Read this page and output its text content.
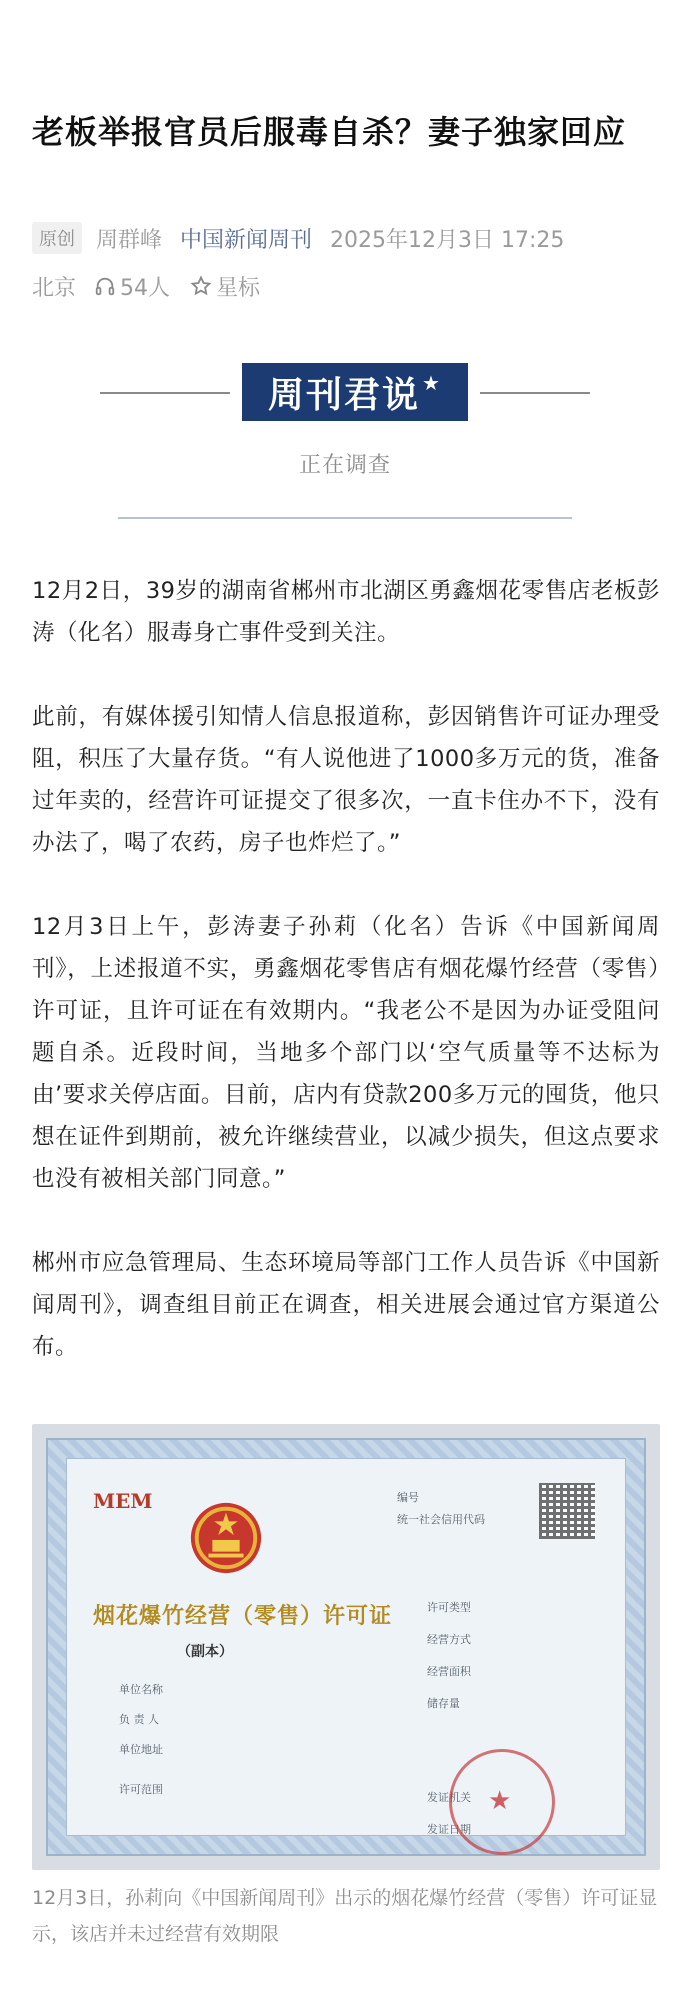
老板举报官员后服毒自杀？妻子独家回应
原创 周群峰 中国新闻周刊 2025年12月3日 17:25
北京 54人 星标
周刊君说 ★
正在调查

12月2日，39岁的湖南省郴州市北湖区勇鑫烟花零售店老板彭涛（化名）服毒身亡事件受到关注。

此前，有媒体援引知情人信息报道称，彭因销售许可证办理受阻，积压了大量存货。“有人说他进了1000多万元的货，准备过年卖的，经营许可证提交了很多次，一直卡住办不下，没有办法了，喝了农药，房子也炸烂了。”

12月3日上午，彭涛妻子孙莉（化名）告诉《中国新闻周刊》，上述报道不实，勇鑫烟花零售店有烟花爆竹经营（零售）许可证，且许可证在有效期内。“我老公不是因为办证受阻问题自杀。近段时间，当地多个部门以‘空气质量等不达标为由’要求关停店面。目前，店内有贷款200多万元的囤货，他只想在证件到期前，被允许继续营业，以减少损失，但这点要求也没有被相关部门同意。”

郴州市应急管理局、生态环境局等部门工作人员告诉《中国新闻周刊》，调查组目前正在调查，相关进展会通过官方渠道公布。

MEM
烟花爆竹经营（零售）许可证
（副本）
单位名称
负 责 人
单位地址
许可范围
编号
统一社会信用代码
许可类型
经营方式
经营面积
储存量
发证机关
发证日期
★

12月3日，孙莉向《中国新闻周刊》出示的烟花爆竹经营（零售）许可证显示，该店并未过经营有效期限
